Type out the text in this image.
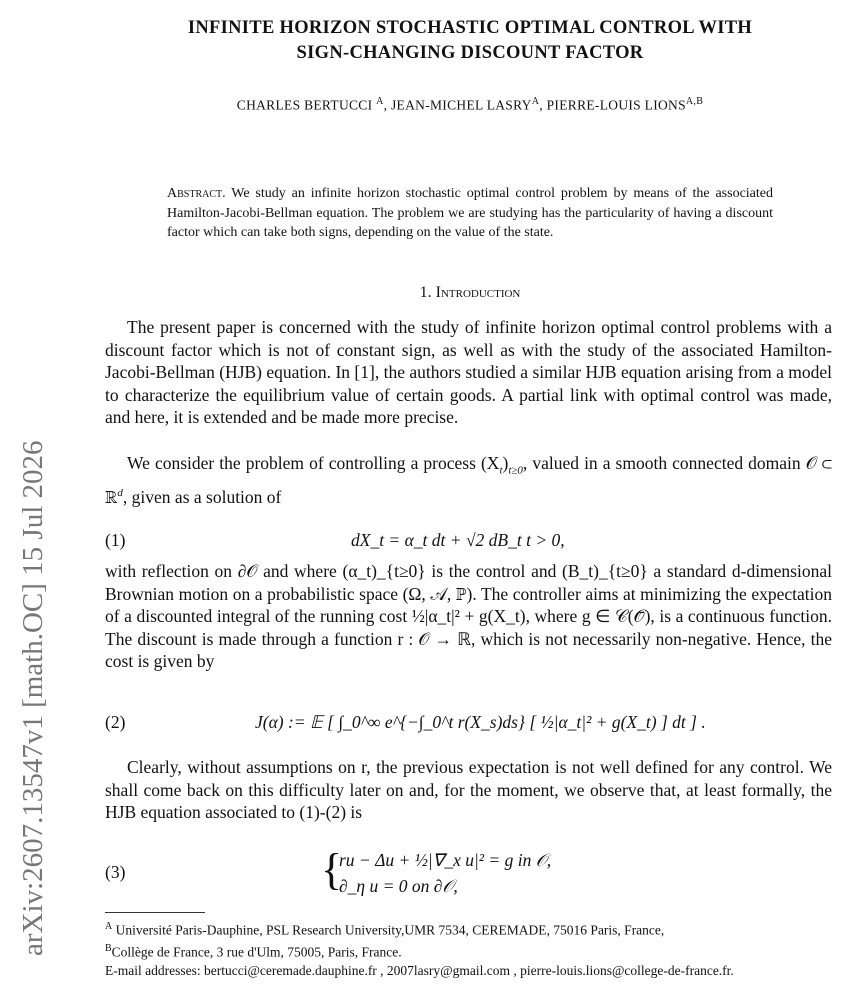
arXiv:2607.13547v1 [math.OC] 15 Jul 2026
INFINITE HORIZON STOCHASTIC OPTIMAL CONTROL WITH
SIGN-CHANGING DISCOUNT FACTOR
CHARLES BERTUCCI $^A$, JEAN-MICHEL $LASRY^A$, PIERRE-LOUIS $LIONS^{A,B}$
Abstract. We study an infinite horizon stochastic optimal control problem by means of the associated Hamilton-Jacobi-Bellman equation. The problem we are studying has the particularity of having a discount factor which can take both signs, depending on the value of the state.
1. Introduction
The present paper is concerned with the study of infinite horizon optimal control problems with a discount factor which is not of constant sign, as well as with the study of the associated Hamilton-Jacobi-Bellman (HJB) equation. In [1], the authors studied a similar HJB equation arising from a model to characterize the equilibrium value of certain goods. A partial link with optimal control was made, and here, it is extended and be made more precise.
We consider the problem of controlling a process $(X_t)_{t\ge 0}$, valued in a smooth connected domain 𝒪 ⊂ ℝ$^d$, given as a solution of
(1)	dX_t = α_t dt + √2 dB_t t > 0,
with reflection on ∂𝒪 and where (α_t)_{t≥0} is the control and (B_t)_{t≥0} a standard d-dimensional Brownian motion on a probabilistic space (Ω, 𝒜, ℙ). The controller aims at minimizing the expectation of a discounted integral of the running cost ½|α_t|² + g(X_t), where g ∈ 𝒞(𝒪̄), is a continuous function. The discount is made through a function r : 𝒪 → ℝ, which is not necessarily non-negative. Hence, the cost is given by
(2)	J(α) := 𝔼 [ ∫_0^∞ e^{−∫_0^t r(X_s)ds} [ ½|α_t|² + g(X_t) ] dt ] .
Clearly, without assumptions on r, the previous expectation is not well defined for any control. We shall come back on this difficulty later on and, for the moment, we observe that, at least formally, the HJB equation associated to (1)-(2) is
(3)	{
ru − Δu + ½|∇_x u|² = g in 𝒪,
∂_η u = 0 on ∂𝒪,
$^A$ Université Paris-Dauphine, PSL Research University,UMR 7534, CEREMADE, 75016 Paris, France,
$^B$Collège de France, 3 rue d'Ulm, 75005, Paris, France.
E-mail addresses: bertucci@ceremade.dauphine.fr , 2007lasry@gmail.com , pierre-louis.lions@college-de-france.fr.
